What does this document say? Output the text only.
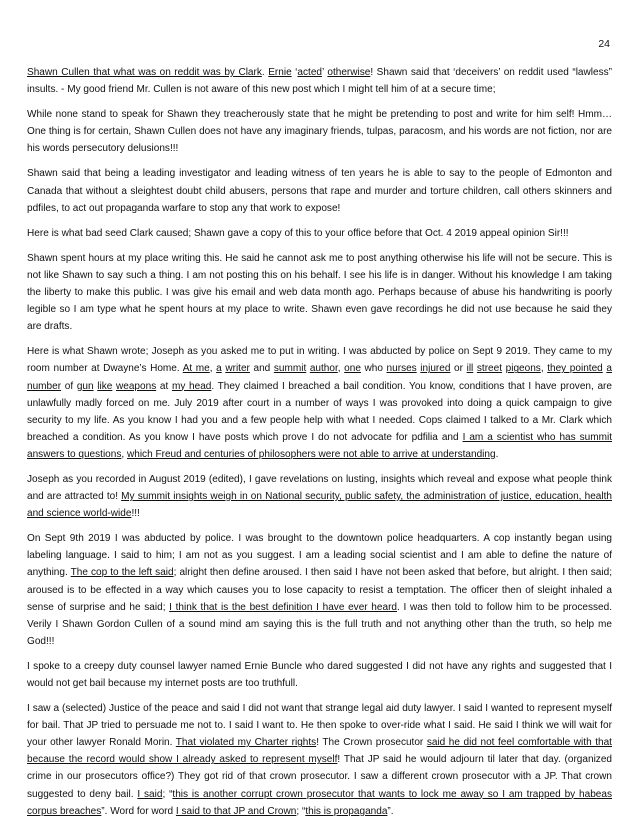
24

Shawn Cullen that what was on reddit was by Clark. Ernie ‘acted’ otherwise! Shawn said that ‘deceivers’ on reddit used “lawless” insults. - My good friend Mr. Cullen is not aware of this new post which I might tell him of at a secure time;

While none stand to speak for Shawn they treacherously state that he might be pretending to post and write for him self! Hmm… One thing is for certain, Shawn Cullen does not have any imaginary friends, tulpas, paracosm, and his words are not fiction, nor are his words persecutory delusions!!!

Shawn said that being a leading investigator and leading witness of ten years he is able to say to the people of Edmonton and Canada that without a sleightest doubt child abusers, persons that rape and murder and torture children, call others skinners and pdfiles, to act out propaganda warfare to stop any that work to expose!

Here is what bad seed Clark caused; Shawn gave a copy of this to your office before that Oct. 4 2019 appeal opinion Sir!!!

Shawn spent hours at my place writing this. He said he cannot ask me to post anything otherwise his life will not be secure. This is not like Shawn to say such a thing. I am not posting this on his behalf. I see his life is in danger. Without his knowledge I am taking the liberty to make this public. I was give his email and web data month ago. Perhaps because of abuse his handwriting is poorly legible so I am type what he spent hours at my place to write. Shawn even gave recordings he did not use because he said they are drafts.

Here is what Shawn wrote; Joseph as you asked me to put in writing. I was abducted by police on Sept 9 2019. They came to my room number at Dwayne’s Home. At me, a writer and summit author, one who nurses injured or ill street pigeons, they pointed a number of gun like weapons at my head. They claimed I breached a bail condition. You know, conditions that I have proven, are unlawfully madly forced on me. July 2019 after court in a number of ways I was provoked into doing a quick campaign to give security to my life. As you know I had you and a few people help with what I needed. Cops claimed I talked to a Mr. Clark which breached a condition. As you know I have posts which prove I do not advocate for pdfilia and I am a scientist who has summit answers to questions, which Freud and centuries of philosophers were not able to arrive at understanding.

Joseph as you recorded in August 2019 (edited), I gave revelations on lusting, insights which reveal and expose what people think and are attracted to! My summit insights weigh in on National security, public safety, the administration of justice, education, health and science world-wide!!!

On Sept 9th 2019 I was abducted by police. I was brought to the downtown police headquarters. A cop instantly began using labeling language. I said to him; I am not as you suggest. I am a leading social scientist and I am able to define the nature of anything. The cop to the left said; alright then define aroused. I then said I have not been asked that before, but alright. I then said; aroused is to be effected in a way which causes you to lose capacity to resist a temptation. The officer then of sleight inhaled a sense of surprise and he said; I think that is the best definition I have ever heard. I was then told to follow him to be processed. Verily I Shawn Gordon Cullen of a sound mind am saying this is the full truth and not anything other than the truth, so help me God!!!

I spoke to a creepy duty counsel lawyer named Ernie Buncle who dared suggested I did not have any rights and suggested that I would not get bail because my internet posts are too truthfull.

I saw a (selected) Justice of the peace and said I did not want that strange legal aid duty lawyer. I said I wanted to represent myself for bail. That JP tried to persuade me not to. I said I want to. He then spoke to over-ride what I said. He said I think we will wait for your other lawyer Ronald Morin. That violated my Charter rights! The Crown prosecutor said he did not feel comfortable with that because the record would show I already asked to represent myself! That JP said he would adjourn til later that day. (organized crime in our prosecutors office?) They got rid of that crown prosecutor. I saw a different crown prosecutor with a JP. That crown suggested to deny bail. I said; “this is another corrupt crown prosecutor that wants to lock me away so I am trapped by habeas corpus breaches”. Word for word I said to that JP and Crown; “this is propaganda”.
